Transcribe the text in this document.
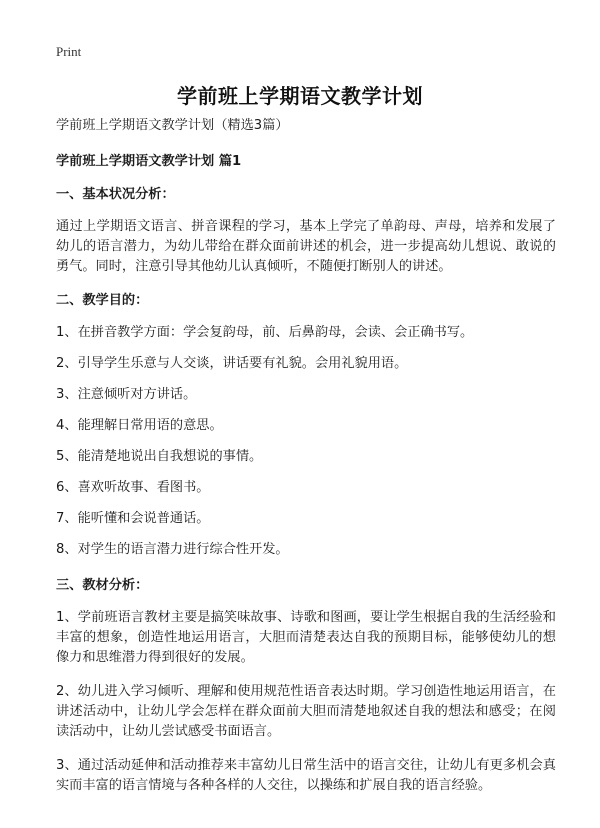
Print
学前班上学期语文教学计划

学前班上学期语文教学计划（精选3篇）

学前班上学期语文教学计划 篇1

一、基本状况分析：

通过上学期语文语言、拼音课程的学习，基本上学完了单韵母、声母，培养和发展了幼儿的语言潜力，为幼儿带给在群众面前讲述的机会，进一步提高幼儿想说、敢说的勇气。同时，注意引导其他幼儿认真倾听，不随便打断别人的讲述。

二、教学目的：

1、在拼音教学方面：学会复韵母，前、后鼻韵母，会读、会正确书写。

2、引导学生乐意与人交谈，讲话要有礼貌。会用礼貌用语。

3、注意倾听对方讲话。

4、能理解日常用语的意思。

5、能清楚地说出自我想说的事情。

6、喜欢听故事、看图书。

7、能听懂和会说普通话。

8、对学生的语言潜力进行综合性开发。

三、教材分析：

1、学前班语言教材主要是搞笑味故事、诗歌和图画，要让学生根据自我的生活经验和丰富的想象，创造性地运用语言，大胆而清楚表达自我的预期目标，能够使幼儿的想像力和思维潜力得到很好的发展。

2、幼儿进入学习倾听、理解和使用规范性语音表达时期。学习创造性地运用语言，在讲述活动中，让幼儿学会怎样在群众面前大胆而清楚地叙述自我的想法和感受；在阅读活动中，让幼儿尝试感受书面语言。

3、通过活动延伸和活动推荐来丰富幼儿日常生活中的语言交往，让幼儿有更多机会真实而丰富的语言情境与各种各样的人交往，以操练和扩展自我的语言经验。
